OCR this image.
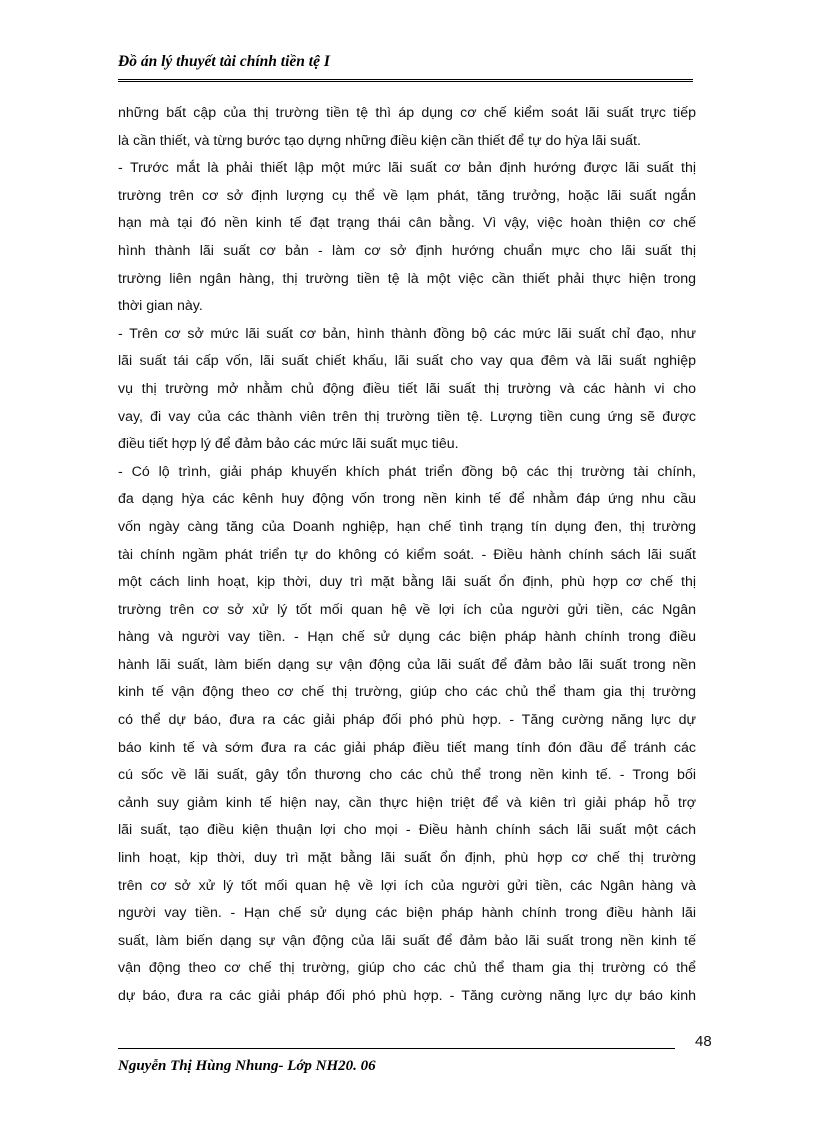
Đồ án lý thuyết tài chính tiền tệ I
những bất cập của thị trường tiền tệ thì áp dụng cơ chế kiểm soát lãi suất trực tiếp
là cần thiết, và từng bước tạo dựng những điều kiện cần thiết để tự do hỳa lãi suất.
- Trước mắt là phải thiết lập một mức lãi suất cơ bản định hướng được lãi suất thị
trường trên cơ sở định lượng cụ thể về lạm phát, tăng trưởng, hoặc lãi suất ngắn
hạn mà tại đó nền kinh tế đạt trạng thái cân bằng. Vì vậy, việc hoàn thiện cơ chế
hình thành lãi suất cơ bản - làm cơ sở định hướng chuẩn mực cho lãi suất thị
trường liên ngân hàng, thị trường tiền tệ là một việc cần thiết phải thực hiện trong
thời gian này.
- Trên cơ sở mức lãi suất cơ bản, hình thành đồng bộ các mức lãi suất chỉ đạo, như
lãi suất tái cấp vốn, lãi suất chiết khấu, lãi suất cho vay qua đêm và lãi suất nghiệp
vụ thị trường mở nhằm chủ động điều tiết lãi suất thị trường và các hành vi cho
vay, đi vay của các thành viên trên thị trường tiền tệ. Lượng tiền cung ứng sẽ được
điều tiết hợp lý để đảm bảo các mức lãi suất mục tiêu.
- Có lộ trình, giải pháp khuyến khích phát triển đồng bộ các thị trường tài chính,
đa dạng hỳa các kênh huy động vốn trong nền kinh tế để nhằm đáp ứng nhu cầu
vốn ngày càng tăng của Doanh nghiệp, hạn chế tình trạng tín dụng đen, thị trường
tài chính ngầm phát triển tự do không có kiểm soát. - Điều hành chính sách lãi suất
một cách linh hoạt, kịp thời, duy trì mặt bằng lãi suất ổn định, phù hợp cơ chế thị
trường trên cơ sở xử lý tốt mối quan hệ về lợi ích của người gửi tiền, các Ngân
hàng và người vay tiền. - Hạn chế sử dụng các biện pháp hành chính trong điều
hành lãi suất, làm biến dạng sự vận động của lãi suất để đảm bảo lãi suất trong nền
kinh tế vận động theo cơ chế thị trường, giúp cho các chủ thể tham gia thị trường
có thể dự báo, đưa ra các giải pháp đối phó phù hợp. - Tăng cường năng lực dự
báo kinh tế và sớm đưa ra các giải pháp điều tiết mang tính đón đầu để tránh các
cú sốc về lãi suất, gây tổn thương cho các chủ thể trong nền kinh tế. - Trong bối
cảnh suy giảm kinh tế hiện nay, cần thực hiện triệt để và kiên trì giải pháp hỗ trợ
lãi suất, tạo điều kiện thuận lợi cho mọi - Điều hành chính sách lãi suất một cách
linh hoạt, kịp thời, duy trì mặt bằng lãi suất ổn định, phù hợp cơ chế thị trường
trên cơ sở xử lý tốt mối quan hệ về lợi ích của người gửi tiền, các Ngân hàng và
người vay tiền. - Hạn chế sử dụng các biện pháp hành chính trong điều hành lãi
suất, làm biến dạng sự vận động của lãi suất để đảm bảo lãi suất trong nền kinh tế
vận động theo cơ chế thị trường, giúp cho các chủ thể tham gia thị trường có thể
dự báo, đưa ra các giải pháp đối phó phù hợp. - Tăng cường năng lực dự báo kinh
48
Nguyễn Thị Hùng Nhung- Lớp NH20. 06
